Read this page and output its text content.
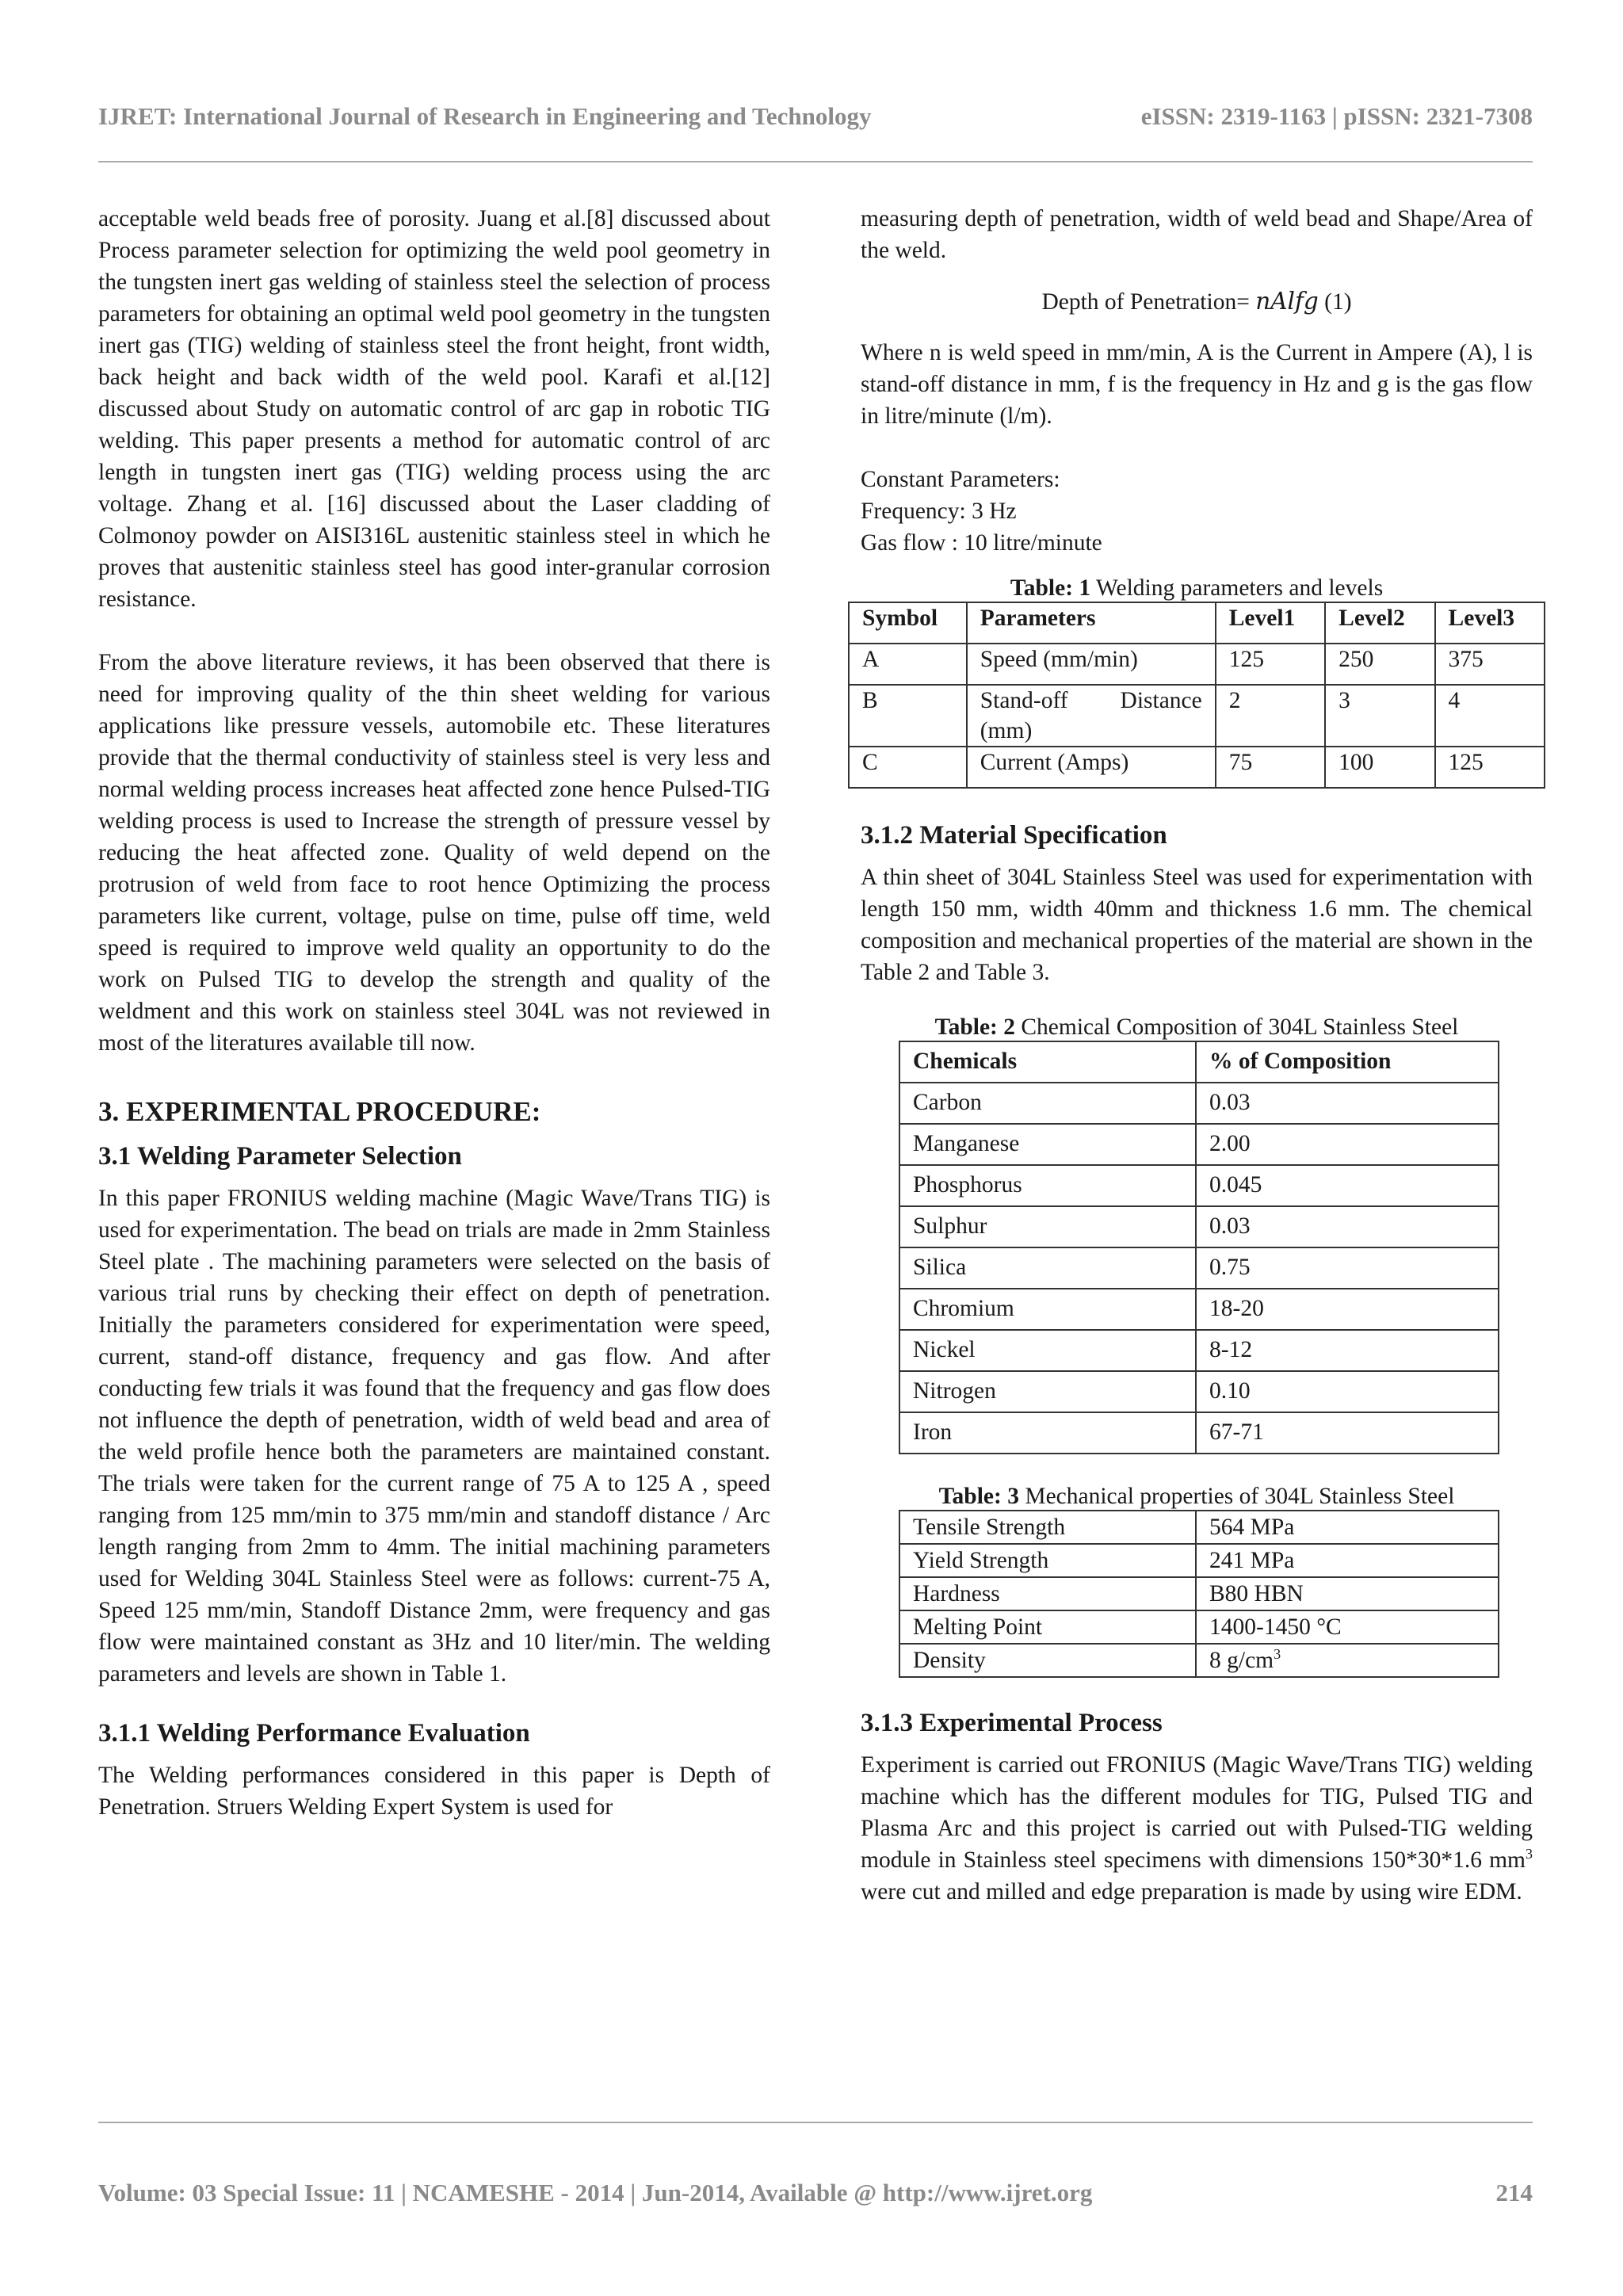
IJRET: International Journal of Research in Engineering and Technology	eISSN: 2319-1163 | pISSN: 2321-7308

acceptable weld beads free of porosity. Juang et al.[8] discussed about Process parameter selection for optimizing the weld pool geometry in the tungsten inert gas welding of stainless steel the selection of process parameters for obtaining an optimal weld pool geometry in the tungsten inert gas (TIG) welding of stainless steel the front height, front width, back height and back width of the weld pool. Karafi et al.[12] discussed about Study on automatic control of arc gap in robotic TIG welding. This paper presents a method for automatic control of arc length in tungsten inert gas (TIG) welding process using the arc voltage. Zhang et al. [16] discussed about the Laser cladding of Colmonoy powder on AISI316L austenitic stainless steel in which he proves that austenitic stainless steel has good inter-granular corrosion resistance.

From the above literature reviews, it has been observed that there is need for improving quality of the thin sheet welding for various applications like pressure vessels, automobile etc. These literatures provide that the thermal conductivity of stainless steel is very less and normal welding process increases heat affected zone hence Pulsed-TIG welding process is used to Increase the strength of pressure vessel by reducing the heat affected zone. Quality of weld depend on the protrusion of weld from face to root hence Optimizing the process parameters like current, voltage, pulse on time, pulse off time, weld speed is required to improve weld quality an opportunity to do the work on Pulsed TIG to develop the strength and quality of the weldment and this work on stainless steel 304L was not reviewed in most of the literatures available till now.

3. EXPERIMENTAL PROCEDURE:
3.1 Welding Parameter Selection

In this paper FRONIUS welding machine (Magic Wave/Trans TIG) is used for experimentation. The bead on trials are made in 2mm Stainless Steel plate . The machining parameters were selected on the basis of various trial runs by checking their effect on depth of penetration. Initially the parameters considered for experimentation were speed, current, stand-off distance, frequency and gas flow. And after conducting few trials it was found that the frequency and gas flow does not influence the depth of penetration, width of weld bead and area of the weld profile hence both the parameters are maintained constant. The trials were taken for the current range of 75 A to 125 A , speed ranging from 125 mm/min to 375 mm/min and standoff distance / Arc length ranging from 2mm to 4mm. The initial machining parameters used for Welding 304L Stainless Steel were as follows: current-75 A, Speed 125 mm/min, Standoff Distance 2mm, were frequency and gas flow were maintained constant as 3Hz and 10 liter/min. The welding parameters and levels are shown in Table 1.

3.1.1 Welding Performance Evaluation

The Welding performances considered in this paper is Depth of Penetration. Struers Welding Expert System is used for

measuring depth of penetration, width of weld bead and Shape/Area of the weld.

Depth of Penetration= nAlfg (1)

Where n is weld speed in mm/min, A is the Current in Ampere (A), l is stand-off distance in mm, f is the frequency in Hz and g is the gas flow in litre/minute (l/m).

Constant Parameters:

Frequency: 3 Hz

Gas flow : 10 litre/minute

Table: 1 Welding parameters and levels
Symbol	Parameters	Level1	Level2	Level3
A	Speed (mm/min)	125	250	375
B	Stand-off Distance (mm)	2	3	4
C	Current (Amps)	75	100	125
3.1.2 Material Specification

A thin sheet of 304L Stainless Steel was used for experimentation with length 150 mm, width 40mm and thickness 1.6 mm. The chemical composition and mechanical properties of the material are shown in the Table 2 and Table 3.

Table: 2 Chemical Composition of 304L Stainless Steel
Chemicals	% of Composition
Carbon	0.03
Manganese	2.00
Phosphorus	0.045
Sulphur	0.03
Silica	0.75
Chromium	18-20
Nickel	8-12
Nitrogen	0.10
Iron	67-71
Table: 3 Mechanical properties of 304L Stainless Steel
Tensile Strength	564 MPa
Yield Strength	241 MPa
Hardness	B80 HBN
Melting Point	1400-1450 °C
Density	8 $g/cm^3$
3.1.3 Experimental Process

Experiment is carried out FRONIUS (Magic Wave/Trans TIG) welding machine which has the different modules for TIG, Pulsed TIG and Plasma Arc and this project is carried out with Pulsed-TIG welding module in Stainless steel specimens with dimensions 150*30*1.6 $mm^3$ were cut and milled and edge preparation is made by using wire EDM.

Volume: 03 Special Issue: 11 | NCAMESHE - 2014 | Jun-2014, Available @ http://www.ijret.org	214
